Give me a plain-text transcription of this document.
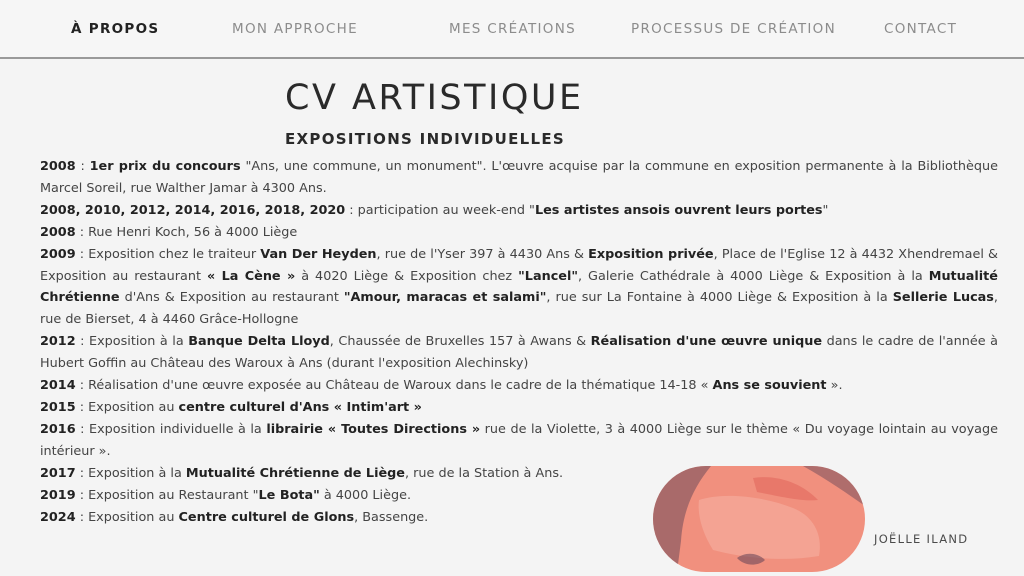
À PROPOS	MON APPROCHE	MES CRÉATIONS	PROCESSUS DE CRÉATION	CONTACT
CV ARTISTIQUE
EXPOSITIONS INDIVIDUELLES

2008 : 1er prix du concours "Ans, une commune, un monument". L'œuvre acquise par la commune en exposition permanente à la Bibliothèque Marcel Soreil, rue Walther Jamar à 4300 Ans.

2008, 2010, 2012, 2014, 2016, 2018, 2020 : participation au week-end "Les artistes ansois ouvrent leurs portes"

2008 : Rue Henri Koch, 56 à 4000 Liège

2009 : Exposition chez le traiteur Van Der Heyden, rue de l'Yser 397 à 4430 Ans & Exposition privée, Place de l'Eglise 12 à 4432 Xhendremael & Exposition au restaurant « La Cène » à 4020 Liège & Exposition chez "Lancel", Galerie Cathédrale à 4000 Liège & Exposition à la Mutualité Chrétienne d'Ans & Exposition au restaurant "Amour, maracas et salami", rue sur La Fontaine à 4000 Liège & Exposition à la Sellerie Lucas, rue de Bierset, 4 à 4460 Grâce-Hollogne

2012 : Exposition à la Banque Delta Lloyd, Chaussée de Bruxelles 157 à Awans & Réalisation d'une œuvre unique dans le cadre de l'année à Hubert Goffin au Château des Waroux à Ans (durant l'exposition Alechinsky)

2014 : Réalisation d'une œuvre exposée au Château de Waroux dans le cadre de la thématique 14-18 « Ans se souvient ».

2015 : Exposition au centre culturel d'Ans « Intim'art »

2016 : Exposition individuelle à la librairie « Toutes Directions » rue de la Violette, 3 à 4000 Liège sur le thème « Du voyage lointain au voyage intérieur ».

2017 : Exposition à la Mutualité Chrétienne de Liège, rue de la Station à Ans.

2019 : Exposition au Restaurant "Le Bota" à 4000 Liège.

2024 : Exposition au Centre culturel de Glons, Bassenge.

JOËLLE ILAND
